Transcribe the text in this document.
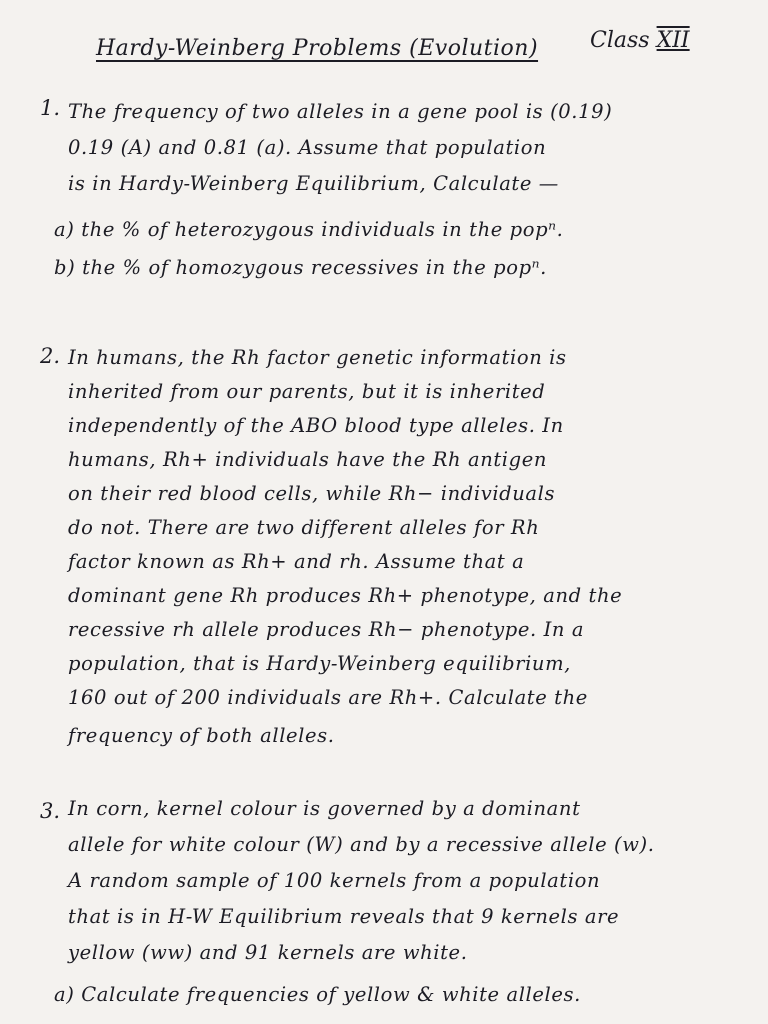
Hardy-Weinberg Problems (Evolution) Class XII
1. The frequency of two alleles in a gene pool is (0.19)
0.19 (A) and 0.81 (a). Assume that population
is in Hardy-Weinberg Equilibrium, Calculate —
a) the % of heterozygous individuals in the popⁿ.
b) the % of homozygous recessives in the popⁿ.
2. In humans, the Rh factor genetic information is
inherited from our parents, but it is inherited
independently of the ABO blood type alleles. In
humans, Rh+ individuals have the Rh antigen
on their red blood cells, while Rh− individuals
do not. There are two different alleles for Rh
factor known as Rh+ and rh. Assume that a
dominant gene Rh produces Rh+ phenotype, and the
recessive rh allele produces Rh− phenotype. In a
population, that is Hardy-Weinberg equilibrium,
160 out of 200 individuals are Rh+. Calculate the
frequency of both alleles.
3. In corn, kernel colour is governed by a dominant
allele for white colour (W) and by a recessive allele (w).
A random sample of 100 kernels from a population
that is in H-W Equilibrium reveals that 9 kernels are
yellow (ww) and 91 kernels are white.
a) Calculate frequencies of yellow & white alleles.
